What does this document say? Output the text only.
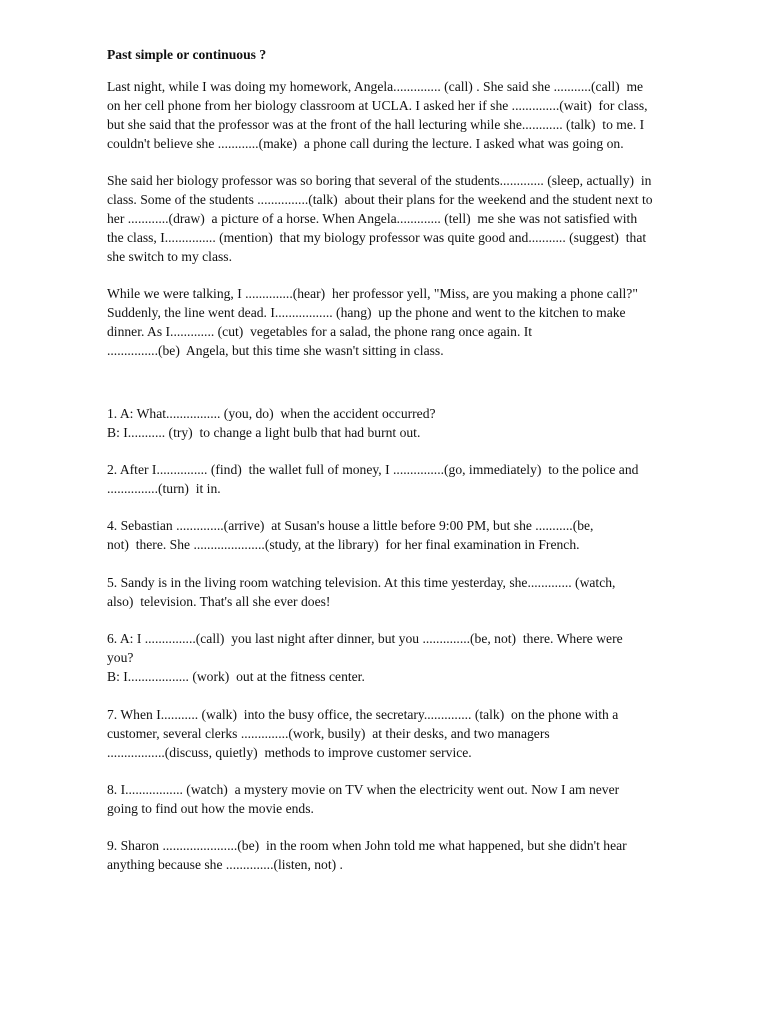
Past simple or continuous ?

Last night, while I was doing my homework, Angela.............. (call) . She said she ...........(call)  me

on her cell phone from her biology classroom at UCLA. I asked her if she ..............(wait)  for class,

but she said that the professor was at the front of the hall lecturing while she............ (talk)  to me. I

couldn't believe she ............(make)  a phone call during the lecture. I asked what was going on.

She said her biology professor was so boring that several of the students............. (sleep, actually)  in

class. Some of the students ...............(talk)  about their plans for the weekend and the student next to

her ............(draw)  a picture of a horse. When Angela............. (tell)  me she was not satisfied with

the class, I............... (mention)  that my biology professor was quite good and........... (suggest)  that

she switch to my class.

While we were talking, I ..............(hear)  her professor yell, "Miss, are you making a phone call?"

Suddenly, the line went dead. I................. (hang)  up the phone and went to the kitchen to make

dinner. As I............. (cut)  vegetables for a salad, the phone rang once again. It

...............(be)  Angela, but this time she wasn't sitting in class.

1. A: What................ (you, do)  when the accident occurred?

B: I........... (try)  to change a light bulb that had burnt out.

2. After I............... (find)  the wallet full of money, I ...............(go, immediately)  to the police and

...............(turn)  it in.

4. Sebastian ..............(arrive)  at Susan's house a little before 9:00 PM, but she ...........(be,

not)  there. She .....................(study, at the library)  for her final examination in French.

5. Sandy is in the living room watching television. At this time yesterday, she............. (watch,

also)  television. That's all she ever does!

6. A: I ...............(call)  you last night after dinner, but you ..............(be, not)  there. Where were

you?

B: I.................. (work)  out at the fitness center.

7. When I........... (walk)  into the busy office, the secretary.............. (talk)  on the phone with a

customer, several clerks ..............(work, busily)  at their desks, and two managers

.................(discuss, quietly)  methods to improve customer service.

8. I................. (watch)  a mystery movie on TV when the electricity went out. Now I am never

going to find out how the movie ends.

9. Sharon ......................(be)  in the room when John told me what happened, but she didn't hear

anything because she ..............(listen, not) .
